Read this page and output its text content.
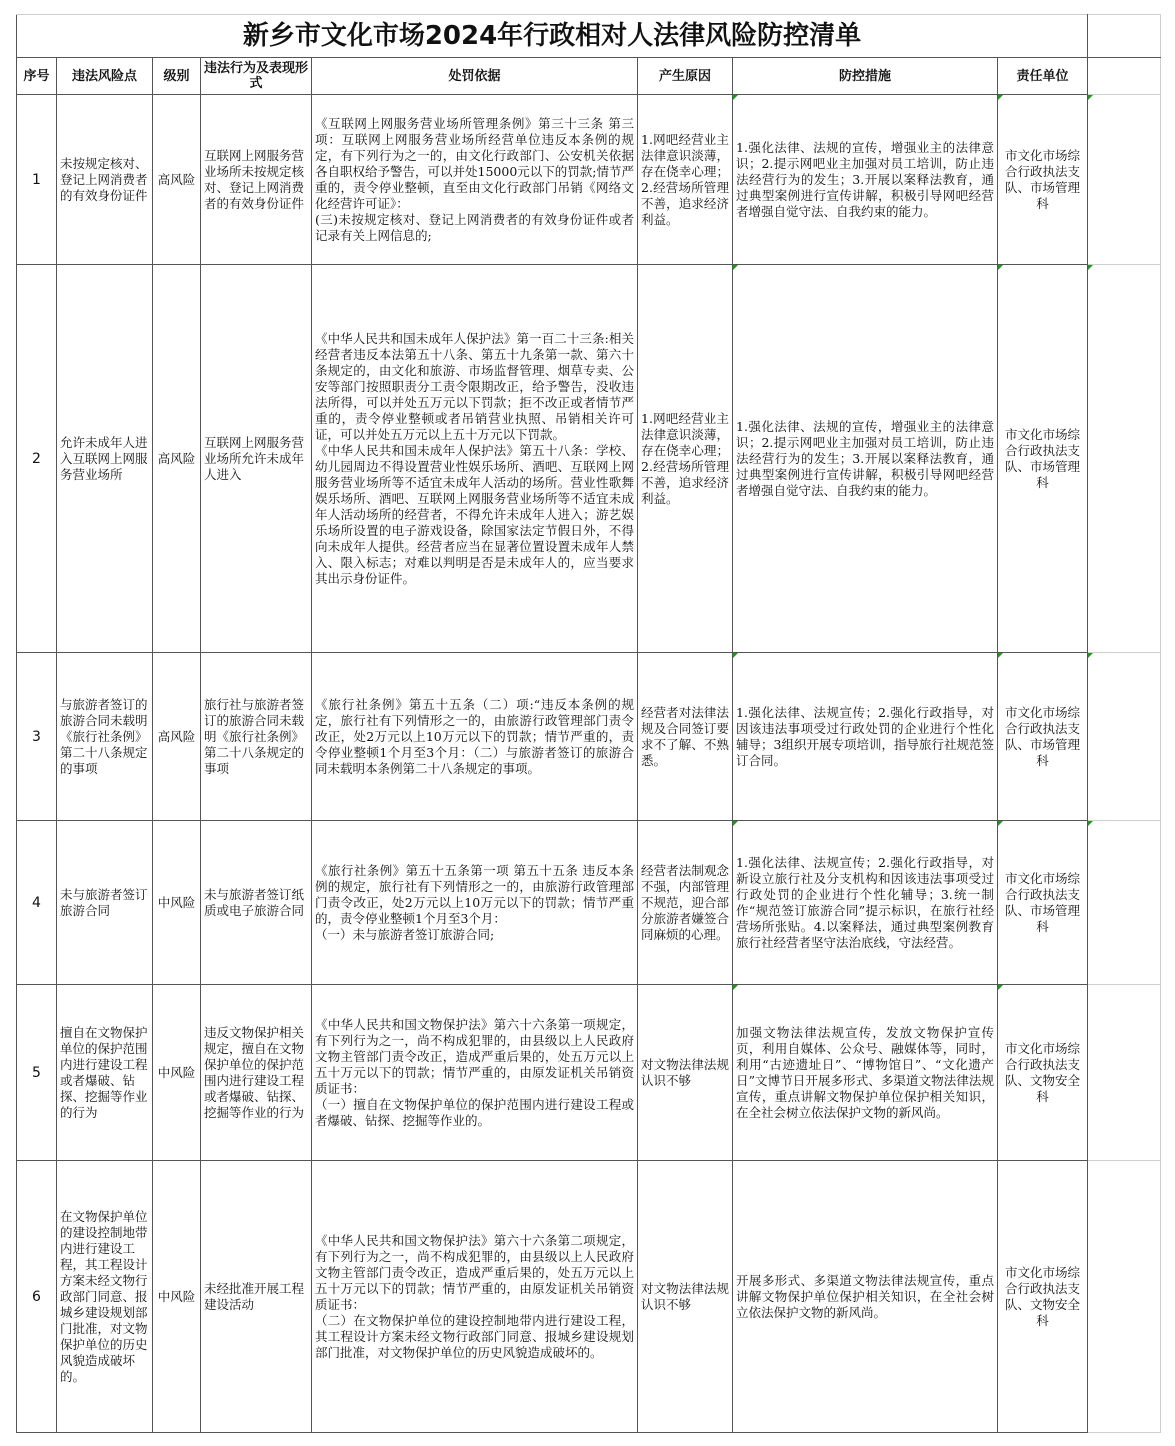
新乡市文化市场2024年行政相对人法律风险防控清单								
序号	违法风险点	级别	违法行为及表现形式	处罚依据	产生原因	防控措施	责任单位	
1	未按规定核对、登记上网消费者的有效身份证件	高风险	互联网上网服务营业场所未按规定核对、登记上网消费者的有效身份证件	《互联网上网服务营业场所管理条例》第三十三条 第三项：互联网上网服务营业场所经营单位违反本条例的规定，有下列行为之一的，由文化行政部门、公安机关依据各自职权给予警告，可以并处15000元以下的罚款;情节严重的，责令停业整顿，直至由文化行政部门吊销《网络文化经营许可证》：
(三)未按规定核对、登记上网消费者的有效身份证件或者记录有关上网信息的;	1.网吧经营业主法律意识淡薄，存在侥幸心理；2.经营场所管理不善，追求经济利益。	1.强化法律、法规的宣传，增强业主的法律意识；2.提示网吧业主加强对员工培训，防止违法经营行为的发生；3.开展以案释法教育，通过典型案例进行宣传讲解，积极引导网吧经营者增强自觉守法、自我约束的能力。	市文化市场综合行政执法支队、市场管理科	

2	允许未成年人进入互联网上网服务营业场所	高风险	互联网上网服务营业场所允许未成年人进入	《中华人民共和国未成年人保护法》第一百二十三条:相关经营者违反本法第五十八条、第五十九条第一款、第六十条规定的，由文化和旅游、市场监督管理、烟草专卖、公安等部门按照职责分工责令限期改正，给予警告，没收违法所得，可以并处五万元以下罚款；拒不改正或者情节严重的，责令停业整顿或者吊销营业执照、吊销相关许可证，可以并处五万元以上五十万元以下罚款。
《中华人民共和国未成年人保护法》第五十八条：学校、幼儿园周边不得设置营业性娱乐场所、酒吧、互联网上网服务营业场所等不适宜未成年人活动的场所。营业性歌舞娱乐场所、酒吧、互联网上网服务营业场所等不适宜未成年人活动场所的经营者，不得允许未成年人进入；游艺娱乐场所设置的电子游戏设备，除国家法定节假日外，不得向未成年人提供。经营者应当在显著位置设置未成年人禁入、限入标志；对难以判明是否是未成年人的，应当要求其出示身份证件。	1.网吧经营业主法律意识淡薄，存在侥幸心理；2.经营场所管理不善，追求经济利益。	1.强化法律、法规的宣传，增强业主的法律意识；2.提示网吧业主加强对员工培训，防止违法经营行为的发生；3.开展以案释法教育，通过典型案例进行宣传讲解，积极引导网吧经营者增强自觉守法、自我约束的能力。	市文化市场综合行政执法支队、市场管理科	

3	与旅游者签订的旅游合同未载明《旅行社条例》第二十八条规定的事项	高风险	旅行社与旅游者签订的旅游合同未载明《旅行社条例》第二十八条规定的事项	《旅行社条例》第五十五条（二）项:“违反本条例的规定，旅行社有下列情形之一的，由旅游行政管理部门责令改正，处2万元以上10万元以下的罚款；情节严重的，责令停业整顿1个月至3个月：（二）与旅游者签订的旅游合同未载明本条例第二十八条规定的事项。	经营者对法律法规及合同签订要求不了解、不熟悉。	1.强化法律、法规宣传；2.强化行政指导，对因该违法事项受过行政处罚的企业进行个性化辅导；3组织开展专项培训，指导旅行社规范签订合同。	市文化市场综合行政执法支队、市场管理科	

4	未与旅游者签订旅游合同	中风险	未与旅游者签订纸质或电子旅游合同	《旅行社条例》第五十五条第一项 第五十五条 违反本条例的规定，旅行社有下列情形之一的，由旅游行政管理部门责令改正，处2万元以上10万元以下的罚款；情节严重的，责令停业整顿1个月至3个月：
（一）未与旅游者签订旅游合同;	经营者法制观念不强，内部管理不规范，迎合部分旅游者嫌签合同麻烦的心理。	1.强化法律、法规宣传；2.强化行政指导，对新设立旅行社及分支机构和因该违法事项受过行政处罚的企业进行个性化辅导；3.统一制作“规范签订旅游合同”提示标识，在旅行社经营场所张贴。4.以案释法，通过典型案例教育旅行社经营者坚守法治底线，守法经营。	市文化市场综合行政执法支队、市场管理科	

5	擅自在文物保护单位的保护范围内进行建设工程或者爆破、钻探、挖掘等作业的行为	中风险	违反文物保护相关规定，擅自在文物保护单位的保护范围内进行建设工程或者爆破、钻探、挖掘等作业的行为	《中华人民共和国文物保护法》第六十六条第一项规定，有下列行为之一，尚不构成犯罪的，由县级以上人民政府文物主管部门责令改正，造成严重后果的，处五万元以上五十万元以下的罚款；情节严重的，由原发证机关吊销资质证书：
（一）擅自在文物保护单位的保护范围内进行建设工程或者爆破、钻探、挖掘等作业的。	对文物法律法规认识不够	加强文物法律法规宣传，发放文物保护宣传页，利用自媒体、公众号、融媒体等，同时，利用“古迹遗址日”、“博物馆日”、“文化遗产日”文博节日开展多形式、多渠道文物法律法规宣传，重点讲解文物保护单位保护相关知识，在全社会树立依法保护文物的新风尚。	市文化市场综合行政执法支队、文物安全科	
6	在文物保护单位的建设控制地带内进行建设工程，其工程设计方案未经文物行政部门同意、报城乡建设规划部门批准，对文物保护单位的历史风貌造成破坏的。	中风险	未经批准开展工程建设活动	《中华人民共和国文物保护法》第六十六条第二项规定，有下列行为之一，尚不构成犯罪的，由县级以上人民政府文物主管部门责令改正，造成严重后果的，处五万元以上五十万元以下的罚款；情节严重的，由原发证机关吊销资质证书：
（二）在文物保护单位的建设控制地带内进行建设工程，其工程设计方案未经文物行政部门同意、报城乡建设规划部门批准，对文物保护单位的历史风貌造成破坏的。	对文物法律法规认识不够	开展多形式、多渠道文物法律法规宣传，重点讲解文物保护单位保护相关知识，在全社会树立依法保护文物的新风尚。	市文化市场综合行政执法支队、文物安全科	
